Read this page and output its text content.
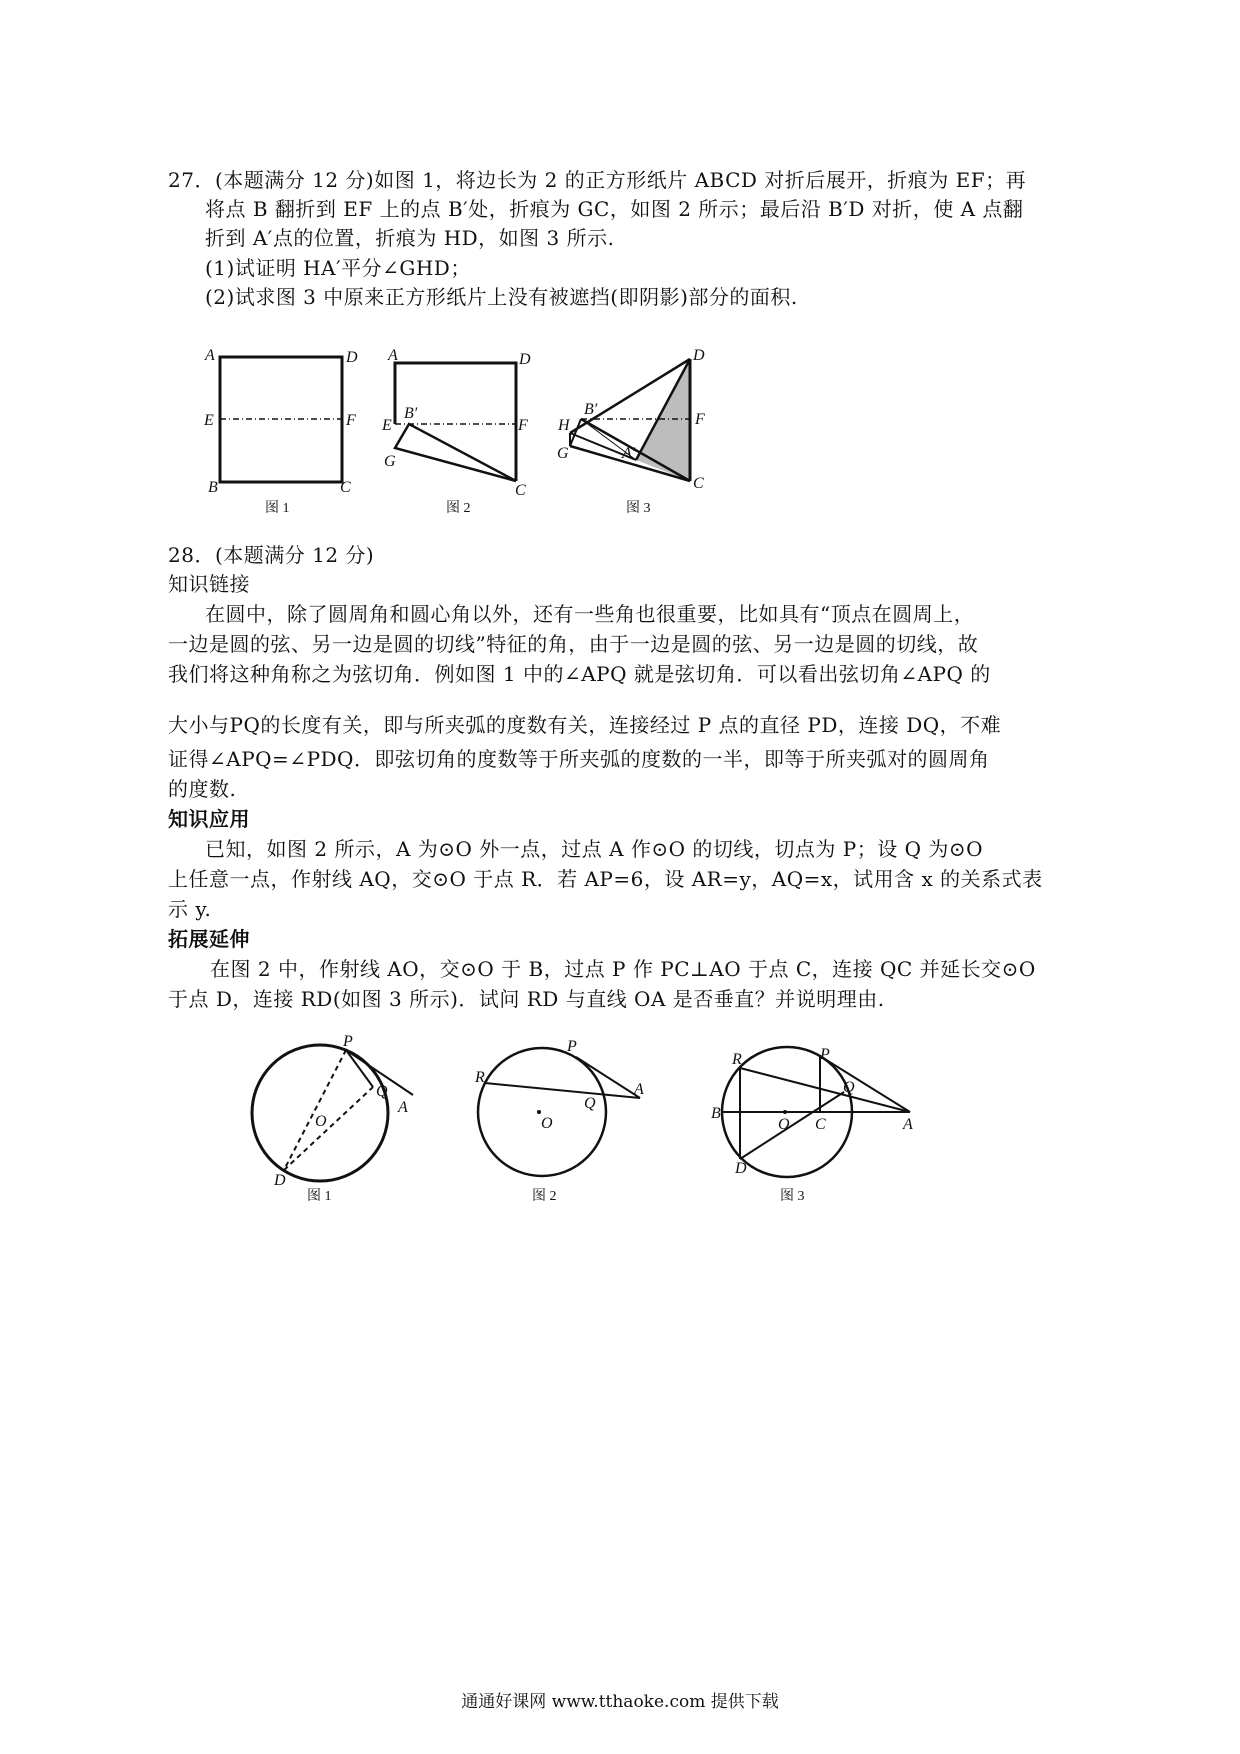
27．(本题满分 12 分)如图 1，将边长为 2 的正方形纸片 ABCD 对折后展开，折痕为 EF；再
将点 B 翻折到 EF 上的点 B′处，折痕为 GC，如图 2 所示；最后沿 B′D 对折，使 A 点翻
折到 A′点的位置，折痕为 HD，如图 3 所示.
(1)试证明 HA′平分∠GHD；
(2)试求图 3 中原来正方形纸片上没有被遮挡(即阴影)部分的面积.
A	D
E	F
B	C
图 1
A	D
E	F
B′
G
C
图 2
D
B′
F
H
G	A′
C
图 3
28．(本题满分 12 分)
知识链接
在圆中，除了圆周角和圆心角以外，还有一些角也很重要，比如具有“顶点在圆周上，
一边是圆的弦、另一边是圆的切线”特征的角，由于一边是圆的弦、另一边是圆的切线，故
我们将这种角称之为弦切角．例如图 1 中的∠APQ 就是弦切角．可以看出弦切角∠APQ 的
大小与PQ的长度有关，即与所夹弧的度数有关，连接经过 P 点的直径 PD，连接 DQ，不难
证得∠APQ=∠PDQ．即弦切角的度数等于所夹弧的度数的一半，即等于所夹弧对的圆周角
的度数.
知识应用
已知，如图 2 所示，A 为⊙O 外一点，过点 A 作⊙O 的切线，切点为 P；设 Q 为⊙O
上任意一点，作射线 AQ，交⊙O 于点 R．若 AP=6，设 AR=y，AQ=x，试用含 x 的关系式表
示 y.
拓展延伸
在图 2 中，作射线 AO，交⊙O 于 B，过点 P 作 PC⊥AO 于点 C，连接 QC 并延长交⊙O
于点 D，连接 RD(如图 3 所示)．试问 RD 与直线 OA 是否垂直？并说明理由.
P
Q
A
O
D
图 1
P
R
A
Q
O
图 2
R	P
Q
B
O C	A
D
图 3
通通好课网 www.tthaoke.com 提供下载
